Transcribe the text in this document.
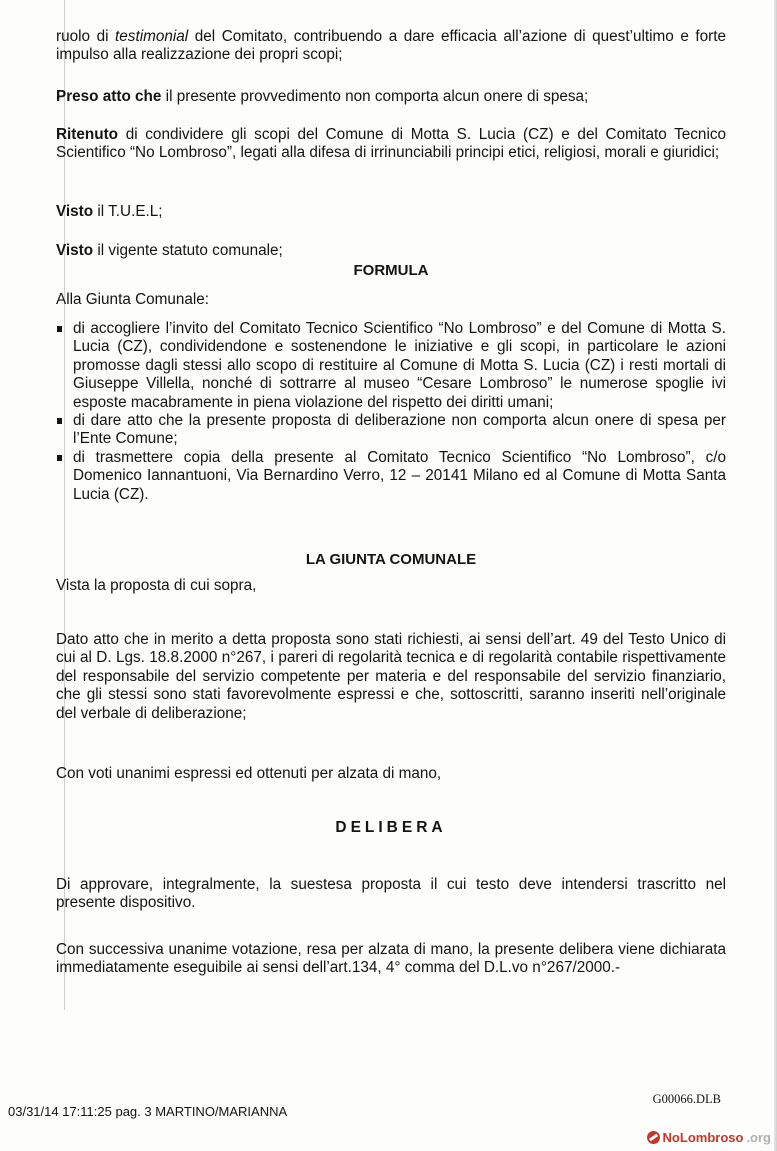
ruolo di testimonial del Comitato, contribuendo a dare efficacia all’azione di quest’ultimo e forte impulso alla realizzazione dei propri scopi;

Preso atto che il presente provvedimento non comporta alcun onere di spesa;

Ritenuto di condividere gli scopi del Comune di Motta S. Lucia (CZ) e del Comitato Tecnico Scientifico “No Lombroso”, legati alla difesa di irrinunciabili principi etici, religiosi, morali e giuridici;

Visto il T.U.E.L;

Visto il vigente statuto comunale;

FORMULA

Alla Giunta Comunale:

di accogliere l’invito del Comitato Tecnico Scientifico “No Lombroso” e del Comune di Motta S. Lucia (CZ), condividendone e sostenendone le iniziative e gli scopi, in particolare le azioni promosse dagli stessi allo scopo di restituire al Comune di Motta S. Lucia (CZ) i resti mortali di Giuseppe Villella, nonché di sottrarre al museo “Cesare Lombroso” le numerose spoglie ivi esposte macabramente in piena violazione del rispetto dei diritti umani;
di dare atto che la presente proposta di deliberazione non comporta alcun onere di spesa per l’Ente Comune;
di trasmettere copia della presente al Comitato Tecnico Scientifico “No Lombroso”, c/o Domenico Iannantuoni, Via Bernardino Verro, 12 – 20141 Milano ed al Comune di Motta Santa Lucia (CZ).

LA GIUNTA COMUNALE

Vista la proposta di cui sopra,

Dato atto che in merito a detta proposta sono stati richiesti, ai sensi dell’art. 49 del Testo Unico di cui al D. Lgs. 18.8.2000 n°267, i pareri di regolarità tecnica e di regolarità contabile rispettivamente del responsabile del servizio competente per materia e del responsabile del servizio finanziario, che gli stessi sono stati favorevolmente espressi e che, sottoscritti, saranno inseriti nell’originale del verbale di deliberazione;

Con voti unanimi espressi ed ottenuti per alzata di mano,

DELIBERA

Di approvare, integralmente, la suestesa proposta il cui testo deve intendersi trascritto nel presente dispositivo.

Con successiva unanime votazione, resa per alzata di mano, la presente delibera viene dichiarata immediatamente eseguibile ai sensi dell’art.134, 4° comma del D.L.vo n°267/2000.-

G00066.DLB
03/31/14 17:11:25 pag. 3 MARTINO/MARIANNA
NoLombroso .org
